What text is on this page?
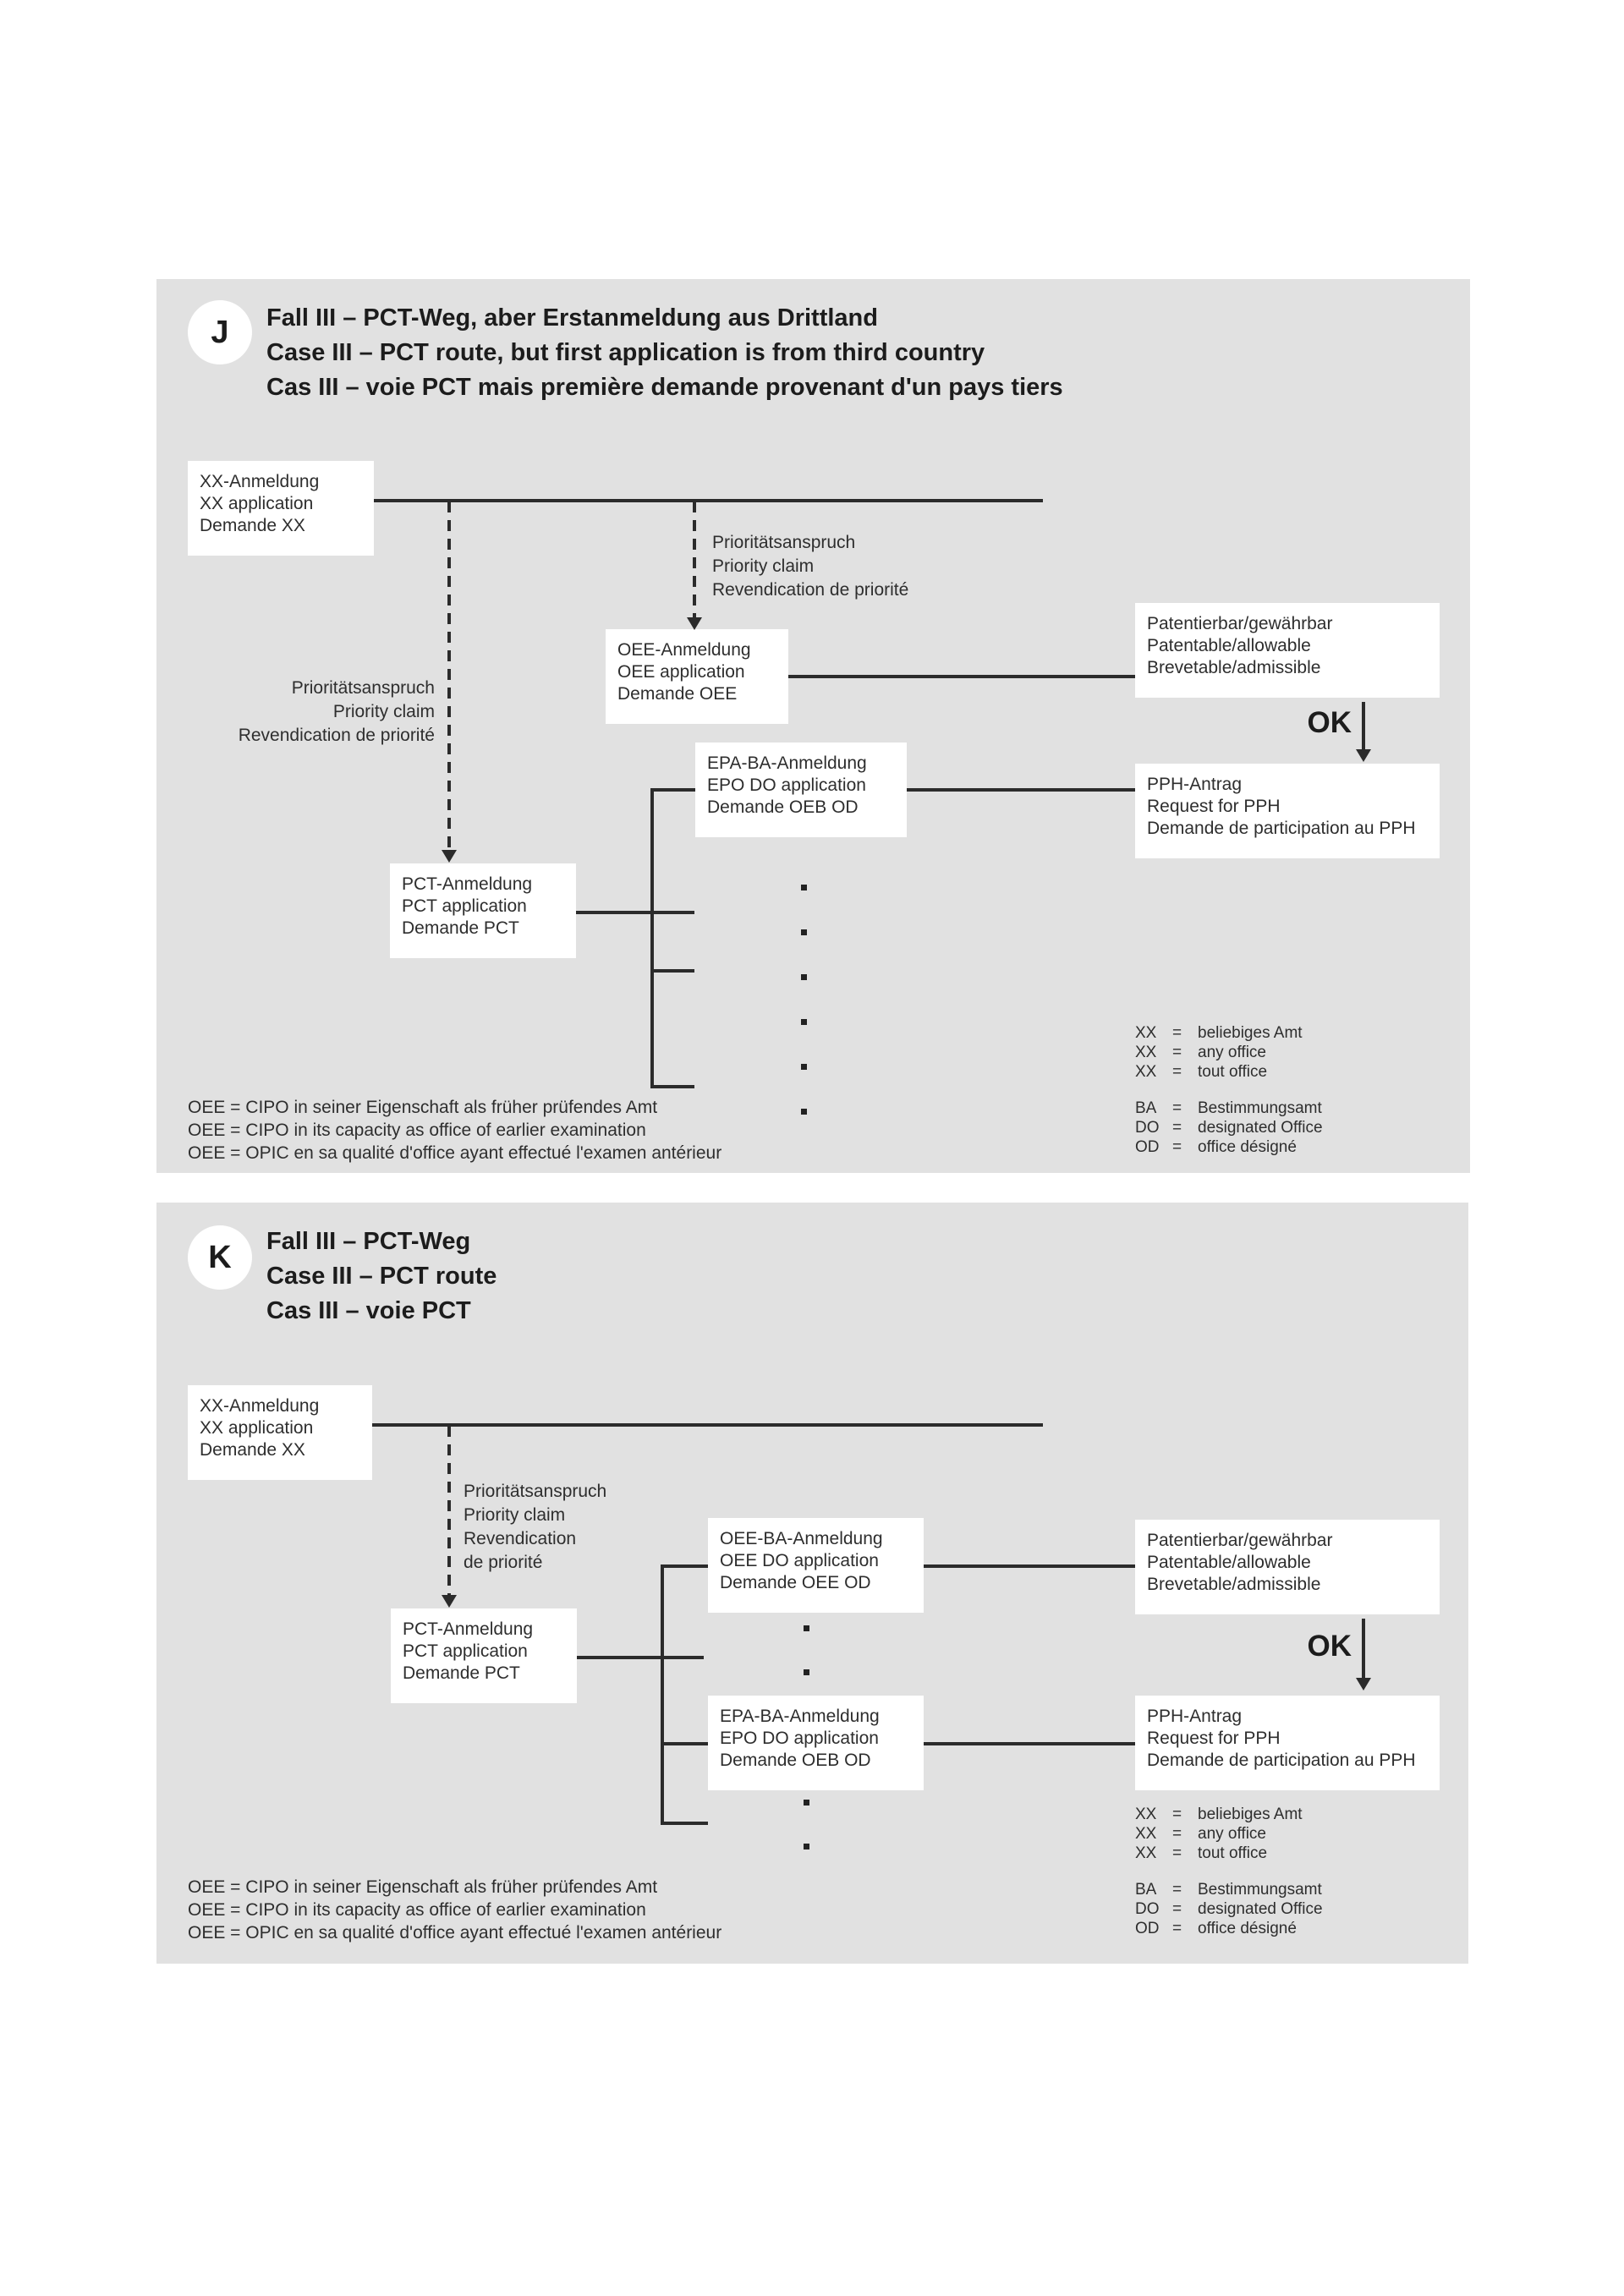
J	Fall III – PCT-Weg, aber Erstanmeldung aus Drittland
Case III – PCT route, but first application is from third country
Cas III – voie PCT mais première demande provenant d'un pays tiers
XX-Anmeldung
XX application
Demande XX
OEE-Anmeldung
OEE application
Demande OEE
Patentierbar/gewährbar
Patentable/allowable
Brevetable/admissible
EPA-BA-Anmeldung
EPO DO application
Demande OEB OD
PCT-Anmeldung
PCT application
Demande PCT
PPH-Antrag
Request for PPH
Demande de participation au PPH
OK
Prioritätsanspruch
Priority claim
Revendication de priorité
Prioritätsanspruch
Priority claim
Revendication de priorité
OEE = CIPO in seiner Eigenschaft als früher prüfendes Amt
OEE = CIPO in its capacity as office of earlier examination
OEE = OPIC en sa qualité d'office ayant effectué l'examen antérieur
XX = beliebiges Amt
XX = any office
XX = tout office
BA = Bestimmungsamt
DO = designated Office
OD = office désigné
K	Fall III – PCT-Weg
Case III – PCT route
Cas III – voie PCT
XX-Anmeldung
XX application
Demande XX
OEE-BA-Anmeldung
OEE DO application
Demande OEE OD
Patentierbar/gewährbar
Patentable/allowable
Brevetable/admissible
PCT-Anmeldung
PCT application
Demande PCT
EPA-BA-Anmeldung
EPO DO application
Demande OEB OD
PPH-Antrag
Request for PPH
Demande de participation au PPH
OK
Prioritätsanspruch
Priority claim
Revendication
de priorité
OEE = CIPO in seiner Eigenschaft als früher prüfendes Amt
OEE = CIPO in its capacity as office of earlier examination
OEE = OPIC en sa qualité d'office ayant effectué l'examen antérieur
XX = beliebiges Amt
XX = any office
XX = tout office
BA = Bestimmungsamt
DO = designated Office
OD = office désigné
